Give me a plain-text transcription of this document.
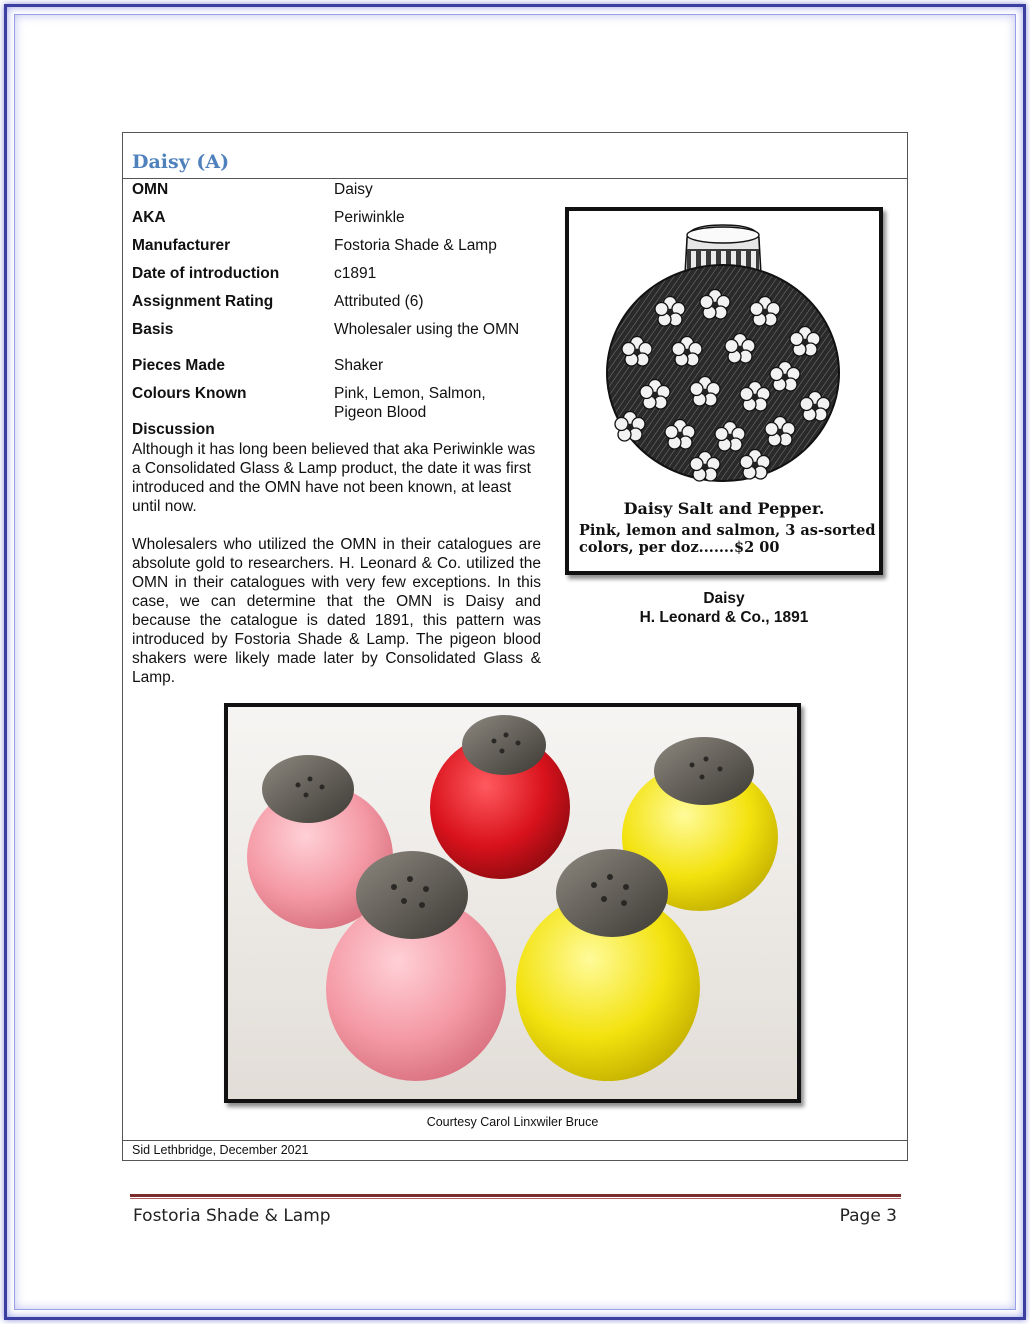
Daisy (A)
OMN	Daisy
AKA	Periwinkle
Manufacturer	Fostoria Shade & Lamp
Date of introduction	c1891
Assignment Rating	Attributed (6)
Basis	Wholesaler using the OMN
Pieces Made	Shaker
Colours Known	Pink, Lemon, Salmon, Pigeon Blood
Discussion

Although it has long been believed that aka Periwinkle was a Consolidated Glass & Lamp product, the date it was first introduced and the OMN have not been known, at least until now.

Wholesalers who utilized the OMN in their catalogues are absolute gold to researchers. H. Leonard & Co. utilized the OMN in their catalogues with very few exceptions. In this case, we can determine that the OMN is Daisy and because the catalogue is dated 1891, this pattern was introduced by Fostoria Shade & Lamp. The pigeon blood shakers were likely made later by Consolidated Glass & Lamp.

Daisy Salt and Pepper.
Pink, lemon and salmon, 3 as-sorted colors, per doz.......$2 00
Daisy
H. Leonard & Co., 1891
Courtesy Carol Linxwiler Bruce
Sid Lethbridge, December 2021
Fostoria Shade & Lamp	Page 3
